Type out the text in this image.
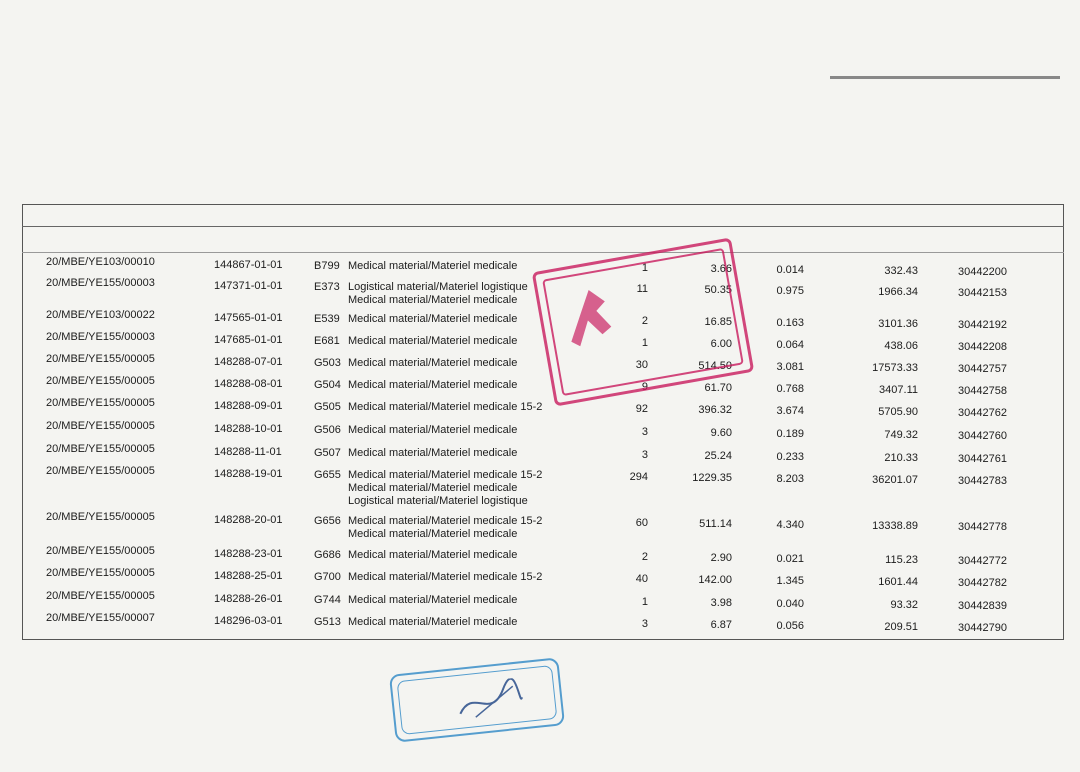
20/MBE/YE103/00010	144867-01-01	B799 Medical material/Materiel medicale	1	3.66	0.014	332.43	30442200
20/MBE/YE155/00003	147371-01-01	E373 Logistical material/Materiel logistique
Medical material/Materiel medicale
11	50.35	0.975	1966.34	30442153
20/MBE/YE103/00022	147565-01-01	E539 Medical material/Materiel medicale	2	16.85	0.163	3101.36	30442192
20/MBE/YE155/00003	147685-01-01	E681 Medical material/Materiel medicale	1	6.00	0.064	438.06	30442208
20/MBE/YE155/00005	148288-07-01	G503 Medical material/Materiel medicale	30	514.50	3.081	17573.33	30442757
20/MBE/YE155/00005	148288-08-01	G504 Medical material/Materiel medicale	9	61.70	0.768	3407.11	30442758
20/MBE/YE155/00005	148288-09-01	G505 Medical material/Materiel medicale 15-2	92	396.32	3.674	5705.90	30442762
20/MBE/YE155/00005	148288-10-01	G506 Medical material/Materiel medicale	3	9.60	0.189	749.32	30442760
20/MBE/YE155/00005	148288-11-01	G507 Medical material/Materiel medicale	3	25.24	0.233	210.33	30442761
20/MBE/YE155/00005	148288-19-01	G655 Medical material/Materiel medicale 15-2
Medical material/Materiel medicale
Logistical material/Materiel logistique
294	1229.35	8.203	36201.07	30442783
20/MBE/YE155/00005	148288-20-01	G656 Medical material/Materiel medicale 15-2
Medical material/Materiel medicale
60	511.14	4.340	13338.89	30442778
20/MBE/YE155/00005	148288-23-01	G686 Medical material/Materiel medicale	2	2.90	0.021	115.23	30442772
20/MBE/YE155/00005	148288-25-01	G700 Medical material/Materiel medicale 15-2	40	142.00	1.345	1601.44	30442782
20/MBE/YE155/00005	148288-26-01	G744 Medical material/Materiel medicale	1	3.98	0.040	93.32	30442839
20/MBE/YE155/00007	148296-03-01	G513 Medical material/Materiel medicale	3	6.87	0.056	209.51	30442790
